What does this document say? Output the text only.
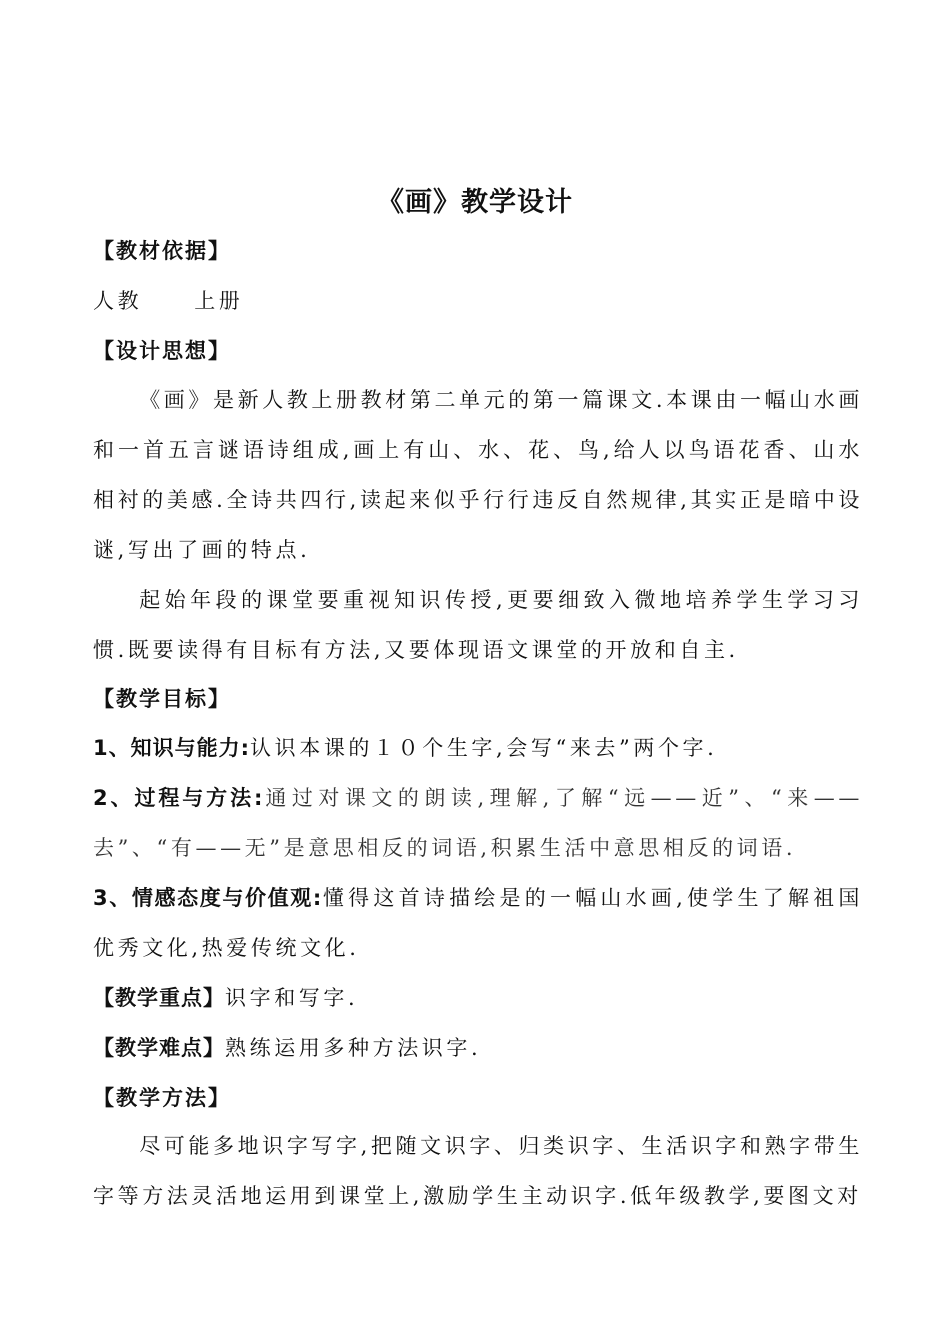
《画》教学设计
【教材依据】
人教 上册
【设计思想】
《画》是新人教上册教材第二单元的第一篇课文.本课由一幅山水画和一首五言谜语诗组成,画上有山、水、花、鸟,给人以鸟语花香、山水相衬的美感.全诗共四行,读起来似乎行行违反自然规律,其实正是暗中设谜,写出了画的特点.
起始年段的课堂要重视知识传授,更要细致入微地培养学生学习习惯.既要读得有目标有方法,又要体现语文课堂的开放和自主.
【教学目标】
1、知识与能力:认识本课的１０个生字,会写“来去”两个字.
2、过程与方法:通过对课文的朗读,理解,了解“远——近”、“来——去”、“有——无”是意思相反的词语,积累生活中意思相反的词语.
3、情感态度与价值观:懂得这首诗描绘是的一幅山水画,使学生了解祖国优秀文化,热爱传统文化.
【教学重点】识字和写字.
【教学难点】熟练运用多种方法识字.
【教学方法】
尽可能多地识字写字,把随文识字、归类识字、生活识字和熟字带生字等方法灵活地运用到课堂上,激励学生主动识字.低年级教学,要图文对
